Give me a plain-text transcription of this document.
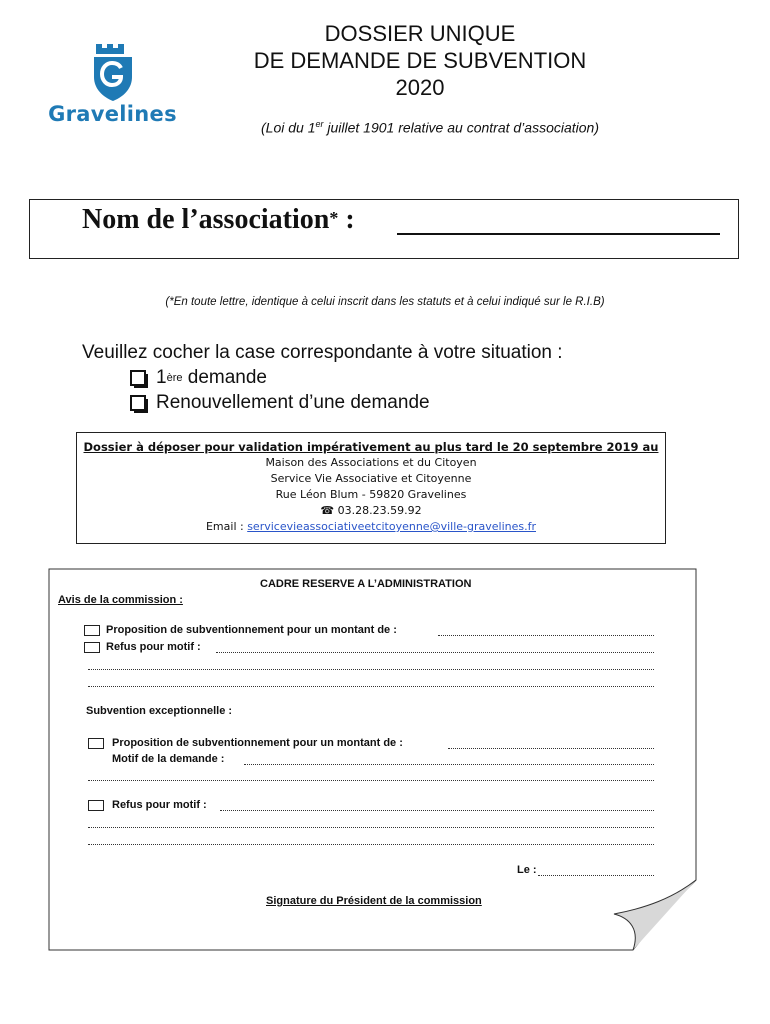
Gravelines
DOSSIER UNIQUE
DE DEMANDE DE SUBVENTION
2020
(Loi du 1er juillet 1901 relative au contrat d’association)
Nom de l’association* :
(*En toute lettre, identique à celui inscrit dans les statuts et à celui indiqué sur le R.I.B)
Veuillez cocher la case correspondante à votre situation :
1 ère demande
Renouvellement d’une demande
Dossier à déposer pour validation impérativement au plus tard le 20 septembre 2019 au
Maison des Associations et du Citoyen
Service Vie Associative et Citoyenne
Rue Léon Blum - 59820 Gravelines
☎ 03.28.23.59.92
Email : servicevieassociativeetcitoyenne@ville-gravelines.fr
CADRE RESERVE A L’ADMINISTRATION
Avis de la commission :
Proposition de subventionnement pour un montant de :
Refus pour motif :
Subvention exceptionnelle :
Proposition de subventionnement pour un montant de :
Motif de la demande :
Refus pour motif :
Le :
Signature du Président de la commission
